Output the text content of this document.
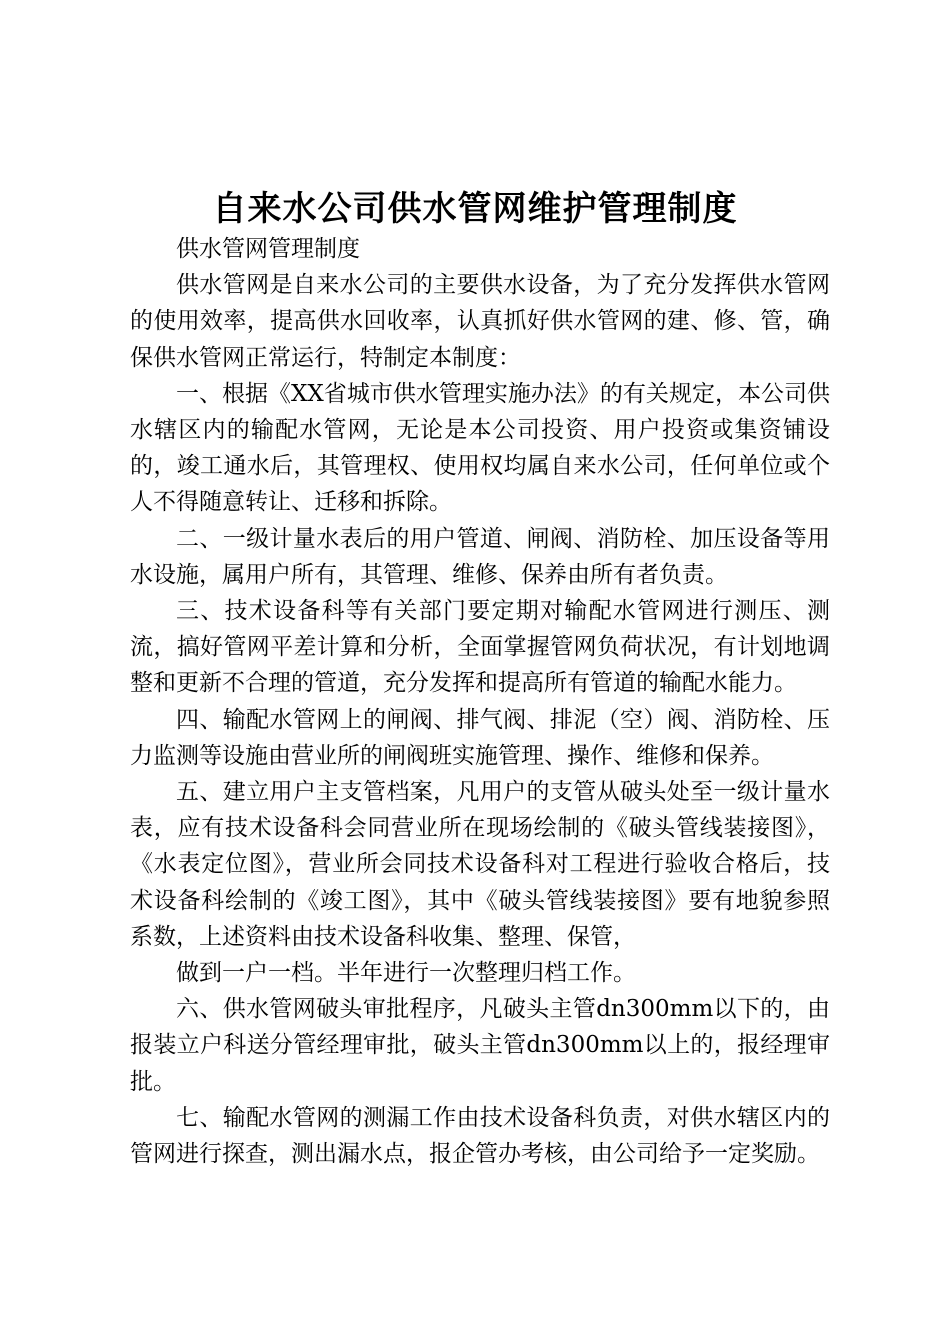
自来水公司供水管网维护管理制度

供水管网管理制度

供水管网是自来水公司的主要供水设备，为了充分发挥供水管网的使用效率，提高供水回收率，认真抓好供水管网的建、修、管，确保供水管网正常运行，特制定本制度：

一、根据《XX省城市供水管理实施办法》的有关规定，本公司供水辖区内的输配水管网，无论是本公司投资、用户投资或集资铺设的，竣工通水后，其管理权、使用权均属自来水公司，任何单位或个人不得随意转让、迁移和拆除。

二、一级计量水表后的用户管道、闸阀、消防栓、加压设备等用水设施，属用户所有，其管理、维修、保养由所有者负责。

三、技术设备科等有关部门要定期对输配水管网进行测压、测流，搞好管网平差计算和分析，全面掌握管网负荷状况，有计划地调整和更新不合理的管道，充分发挥和提高所有管道的输配水能力。

四、输配水管网上的闸阀、排气阀、排泥（空）阀、消防栓、压力监测等设施由营业所的闸阀班实施管理、操作、维修和保养。

五、建立用户主支管档案，凡用户的支管从破头处至一级计量水表，应有技术设备科会同营业所在现场绘制的《破头管线装接图》，《水表定位图》，营业所会同技术设备科对工程进行验收合格后，技术设备科绘制的《竣工图》，其中《破头管线装接图》要有地貌参照系数，上述资料由技术设备科收集、整理、保管，

做到一户一档。半年进行一次整理归档工作。

六、供水管网破头审批程序，凡破头主管dn300mm以下的，由报装立户科送分管经理审批，破头主管dn300mm以上的，报经理审批。

七、输配水管网的测漏工作由技术设备科负责，对供水辖区内的管网进行探查，测出漏水点，报企管办考核，由公司给予一定奖励。
